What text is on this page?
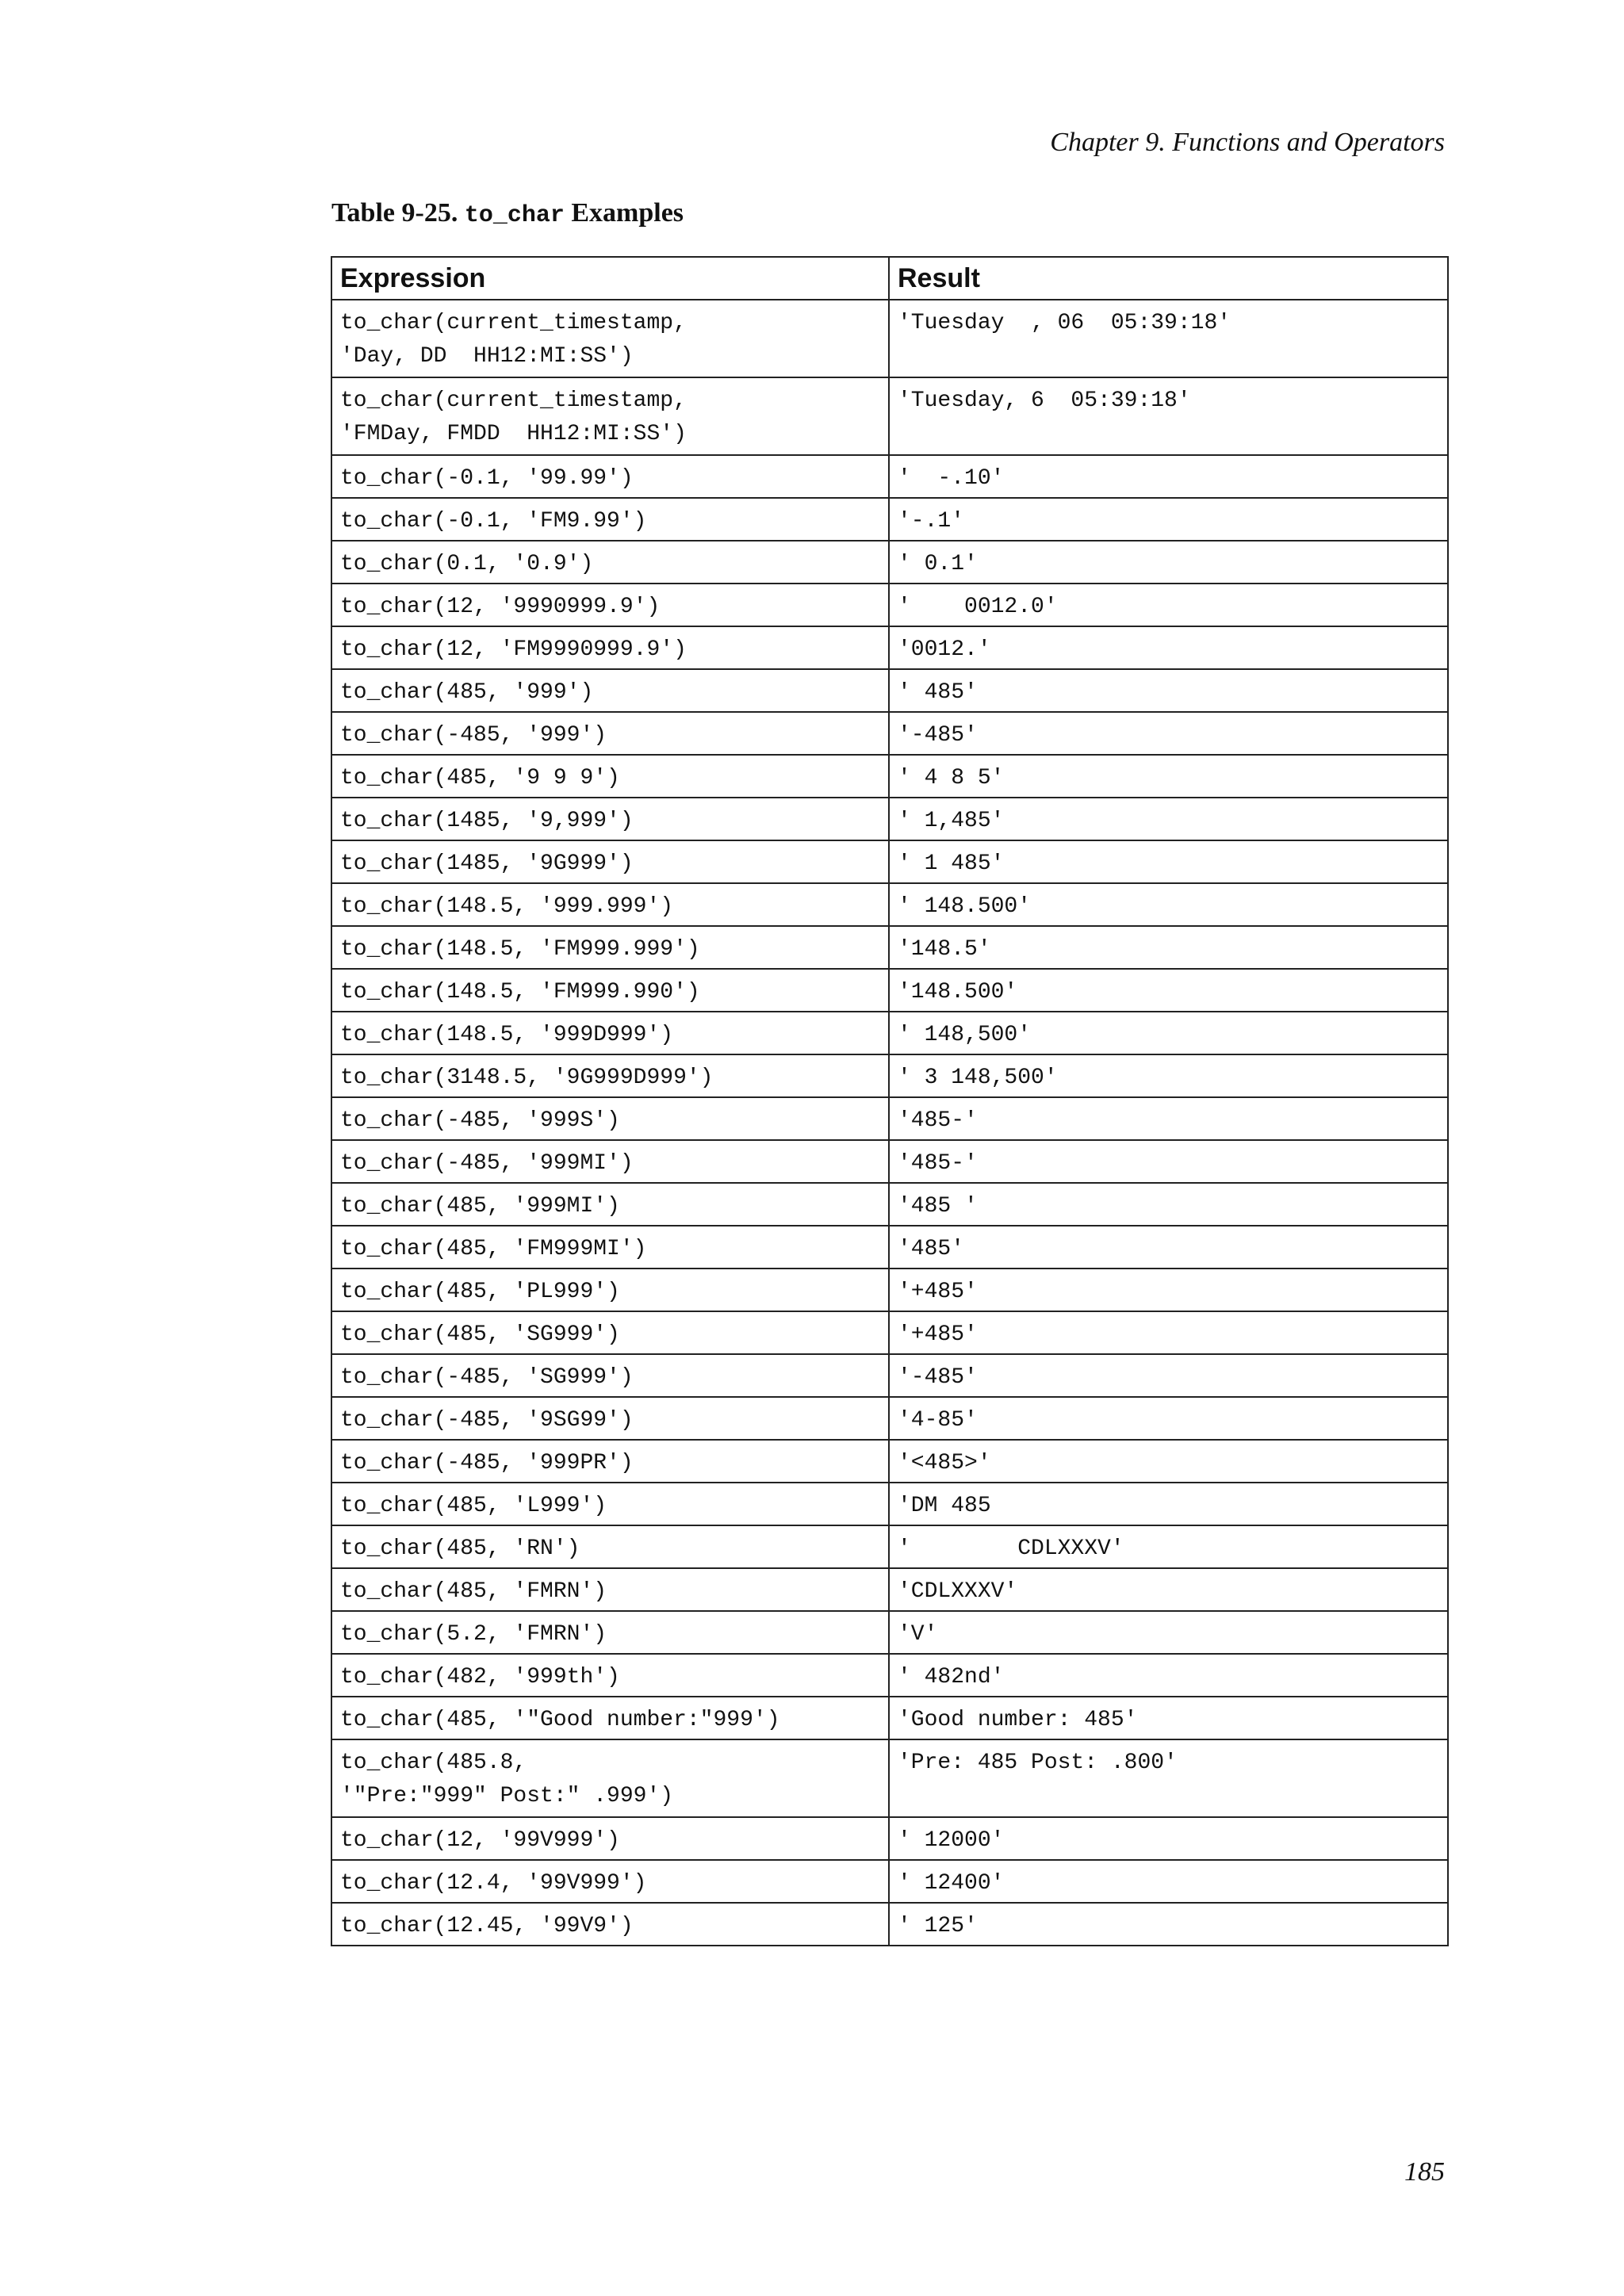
Chapter 9. Functions and Operators
Table 9-25. to_char Examples
Expression	Result
to_char(current_timestamp,
'Day, DD  HH12:MI:SS')	'Tuesday  , 06  05:39:18'
to_char(current_timestamp,
'FMDay, FMDD  HH12:MI:SS')	'Tuesday, 6  05:39:18'
to_char(-0.1, '99.99')	'  -.10'
to_char(-0.1, 'FM9.99')	'-.1'
to_char(0.1, '0.9')	' 0.1'
to_char(12, '9990999.9')	'    0012.0'
to_char(12, 'FM9990999.9')	'0012.'
to_char(485, '999')	' 485'
to_char(-485, '999')	'-485'
to_char(485, '9 9 9')	' 4 8 5'
to_char(1485, '9,999')	' 1,485'
to_char(1485, '9G999')	' 1 485'
to_char(148.5, '999.999')	' 148.500'
to_char(148.5, 'FM999.999')	'148.5'
to_char(148.5, 'FM999.990')	'148.500'
to_char(148.5, '999D999')	' 148,500'
to_char(3148.5, '9G999D999')	' 3 148,500'
to_char(-485, '999S')	'485-'
to_char(-485, '999MI')	'485-'
to_char(485, '999MI')	'485 '
to_char(485, 'FM999MI')	'485'
to_char(485, 'PL999')	'+485'
to_char(485, 'SG999')	'+485'
to_char(-485, 'SG999')	'-485'
to_char(-485, '9SG99')	'4-85'
to_char(-485, '999PR')	'<485>'
to_char(485, 'L999')	'DM 485
to_char(485, 'RN')	'        CDLXXXV'
to_char(485, 'FMRN')	'CDLXXXV'
to_char(5.2, 'FMRN')	'V'
to_char(482, '999th')	' 482nd'
to_char(485, '"Good number:"999')	'Good number: 485'
to_char(485.8,
'"Pre:"999" Post:" .999')	'Pre: 485 Post: .800'
to_char(12, '99V999')	' 12000'
to_char(12.4, '99V999')	' 12400'
to_char(12.45, '99V9')	' 125'
185
